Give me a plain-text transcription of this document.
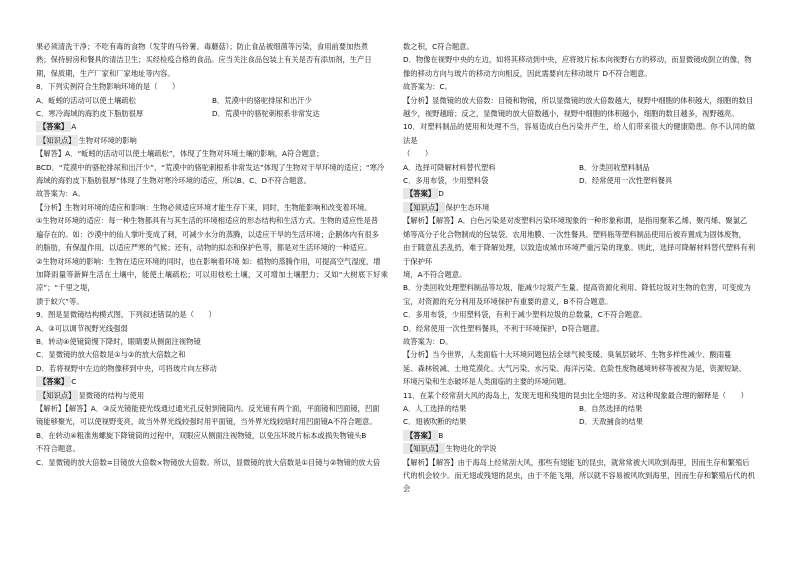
果必须清洗干净；不吃有毒的食物（发芽的马铃薯、毒蘑菇）；防止食品被细菌等污染，食用前要加热煮

熟；保持厨房和餐具的清洁卫生；买经检疫合格的食品。应当关注食品包装上有关是否有添加剂，生产日

期，保质期，生产厂家和厂家地址等内容。

8．下列实例符合生物影响环境的是（　　）

A．蚯蚓的活动可以使土壤疏松	B．荒漠中的骆驼排尿和出汗少
C．寒冷海域的海豹皮下脂肪很厚	D．荒漠中的骆驼刺根系非常发达

【答案】 A

【知识点】 生物对环境的影响

【解答】A．“蚯蚓的活动可以使土壤疏松”，体现了生物对环境土壤的影响，A符合题意；

BCD．“荒漠中的骆驼排尿和出汗少”、“荒漠中的骆驼刺根系非常发达”体现了生物对干旱环境的适应；“寒冷

海域的海豹皮下脂肪很厚”体现了生物对寒冷环境的适应，所以B、C、D不符合题意。

故答案为：A。

【分析】生物对环境的适应和影响：生物必须适应环境才能生存下来，同时，生物能影响和改变着环境。

①生物对环境的适应：每一种生物都具有与其生活的环境相适应的形态结构和生活方式。生物的适应性是普

遍存在的。如：沙漠中的仙人掌叶变成了刺，可减少水分的蒸腾，以适应干旱的生活环境；企鹅体内有很多

的脂肪，有保温作用，以适应严寒的气候；还有，动物的拟态和保护色等，都是对生活环境的一种适应。

②生物对环境的影响：生物在适应环境的同时，也在影响着环境 如：植物的蒸腾作用，可提高空气湿度，增

加降雨量等新鲜生活在土壤中，能使土壤疏松；可以用枝松土壤，又可增加土壤肥力；又如“大树底下好乘凉”；“千里之堤，

溃于蚁穴”等。

9．图是显微镜结构模式图，下列叙述错误的是（　　）

A．③可以调节视野光线强弱

B．转动④使镜筒慢下降时，眼睛要从侧面注视物镜

C．显微镜的放大倍数是①与②的放大倍数之和

D．若将视野中左边的物像移到中央，可将玻片向左移动

【答案】 C

【知识点】 显微镜的结构与使用

【解析】【解答】A．③反光镜能使光线通过通光孔反射到镜筒内。反光镜有两个面，平面镜和凹面镜，凹面

镜能够聚光，可以使视野变亮，故当外界光线较强时用平面镜，当外界光线较暗时用凹面镜A不符合题意。

B．在转动④粗准焦螺旋下降镜筒的过程中，双眼应从侧面注视物镜，以免压坏玻片标本或损失物镜头B

不符合题意。

C．显微镜的放大倍数=目镜放大倍数×物镜放大倍数。所以，显微镜的放大倍数是①目镜与②物镜的放大倍

数之积，C符合题意。

D．物像在视野中央的左边，如将其移动到中央，应将玻片标本向视野右方的移动，而显微镜成倒立的像，物

像的移动方向与玻片的移动方向相反，因此需要向左移动玻片 D不符合题意。

故答案为：C。

【分析】显微镜的放大倍数：目镜和物镜，所以显微镜的放大倍数越大，视野中细胞的体积越大，细胞的数目

越少，视野越暗；反之，显微镜的放大倍数越小，视野中细胞的体积越小，细胞的数目越多，视野越亮。

10．对塑料制品的使用和处理不当，容易造成白色污染并产生，给人们带来很大的健康隐患。你不认同的做法是

（　　）

A．选择可降解材料替代塑料	B．分类回收塑料制品
C．多用布袋，少用塑料袋	D．经常使用一次性塑料餐具

【答案】 D

【知识点】 保护生态环境

【解析】【解答】A．白色污染是对废塑料污染环境现象的一种形象称谓，是指用聚苯乙烯、聚丙烯、聚氯乙

烯等高分子化合物制成的包装袋、农用地膜、一次性餐具、塑料瓶等塑料制品使用后被弃置成为固体废物，

由于随意乱丢乱扔，难于降解处理，以致造成城市环境严重污染的现象。则此，选择可降解材料替代塑料有利于保护环

境，A不符合题意。

B．分类回收处理塑料制品等垃圾，能减少垃圾产生量、提高资源化利用、降低垃圾对生物的危害，可变废为

宝，对资源的充分利用及环境保护有重要的意义，B不符合题意。

C．多用布袋，少用塑料袋，有利于减少塑料垃圾的总数量，C不符合题意。

D．经常使用一次性塑料餐具，不利于环境保护，D符合题意。

故答案为：D。

【分析】当今世界，人类面临十大环境问题包括全球气候变暖、臭氧层破坏、生物多样性减少、酸雨蔓

延、森林锐减、土地荒漠化、大气污染、水污染、海洋污染、危险性废物越境转移等被视为是，资源短缺、

环境污染和生态破坏是人类面临的主要的环境问题。

11．在某个经常刮大风的海岛上，发现无翅和残翅的昆虫比全翅的多。对这种现象最合理的解释是（　　）

A．人工选择的结果	B．自然选择的结果
C．翅被吹断的结果	D．天敌捕食的结果

【答案】 B

【知识点】 生物进化的学说

【解析】【解答】由于海岛上经常刮大风，那些有翅能飞的昆虫，就常常被大风吹到海里，因而生存和繁殖后

代的机会较少。而无翅或残翅的昆虫，由于不能飞翔，所以就不容易被风吹到海里，因而生存和繁殖后代的机会
